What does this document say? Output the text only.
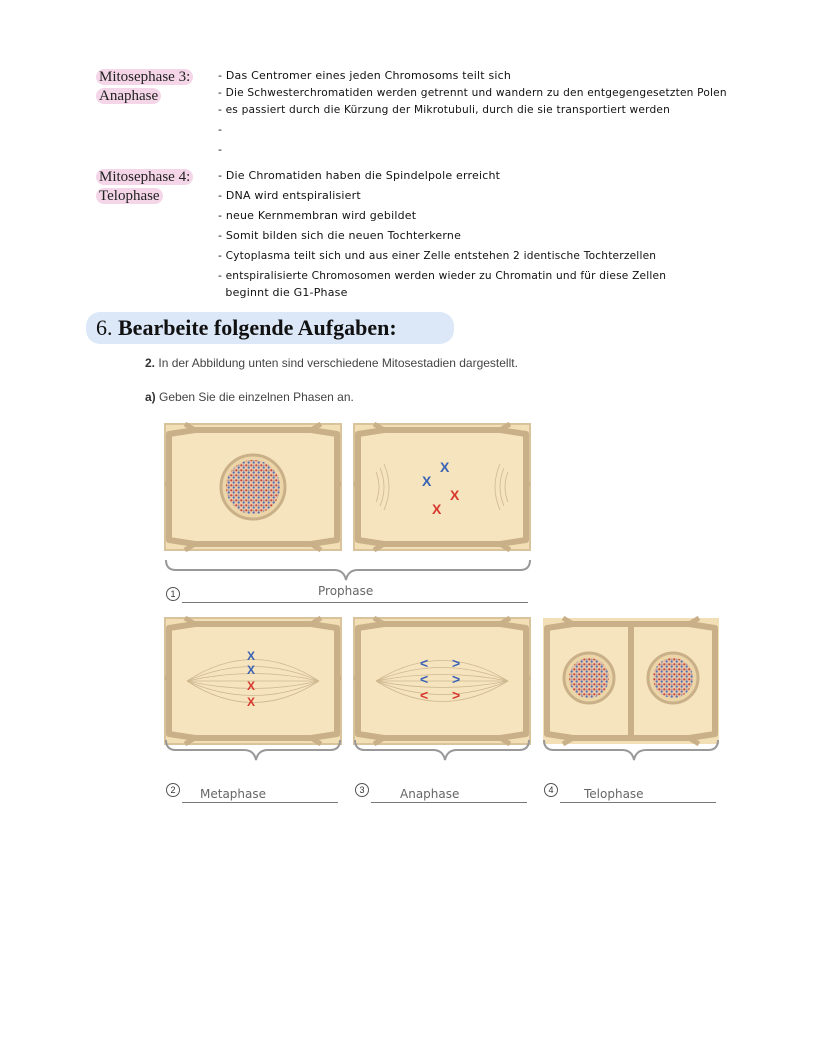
Mitosephase 3:
Anaphase
- Das Centromer eines jeden Chromosoms teilt sich
- Die Schwesterchromatiden werden getrennt und wandern zu den entgegengesetzten Polen
- es passiert durch die Kürzung der Mikrotubuli, durch die sie transportiert werden
-
-
Mitosephase 4:
Telophase
- Die Chromatiden haben die Spindelpole erreicht
- DNA wird entspiralisiert
- neue Kernmembran wird gebildet
- Somit bilden sich die neuen Tochterkerne
- Cytoplasma teilt sich und aus einer Zelle entstehen 2 identische Tochterzellen
- entspiralisierte Chromosomen werden wieder zu Chromatin und für diese Zellen
beginnt die G1-Phase
6. Bearbeite folgende Aufgaben:
2. In der Abbildung unten sind verschiedene Mitosestadien dargestellt.
a) Geben Sie die einzelnen Phasen an.
X
X
X
X
X
X
X
X
<
<
<
>
>
>
1	Prophase
2	Metaphase	3	Anaphase	4	Telophase
